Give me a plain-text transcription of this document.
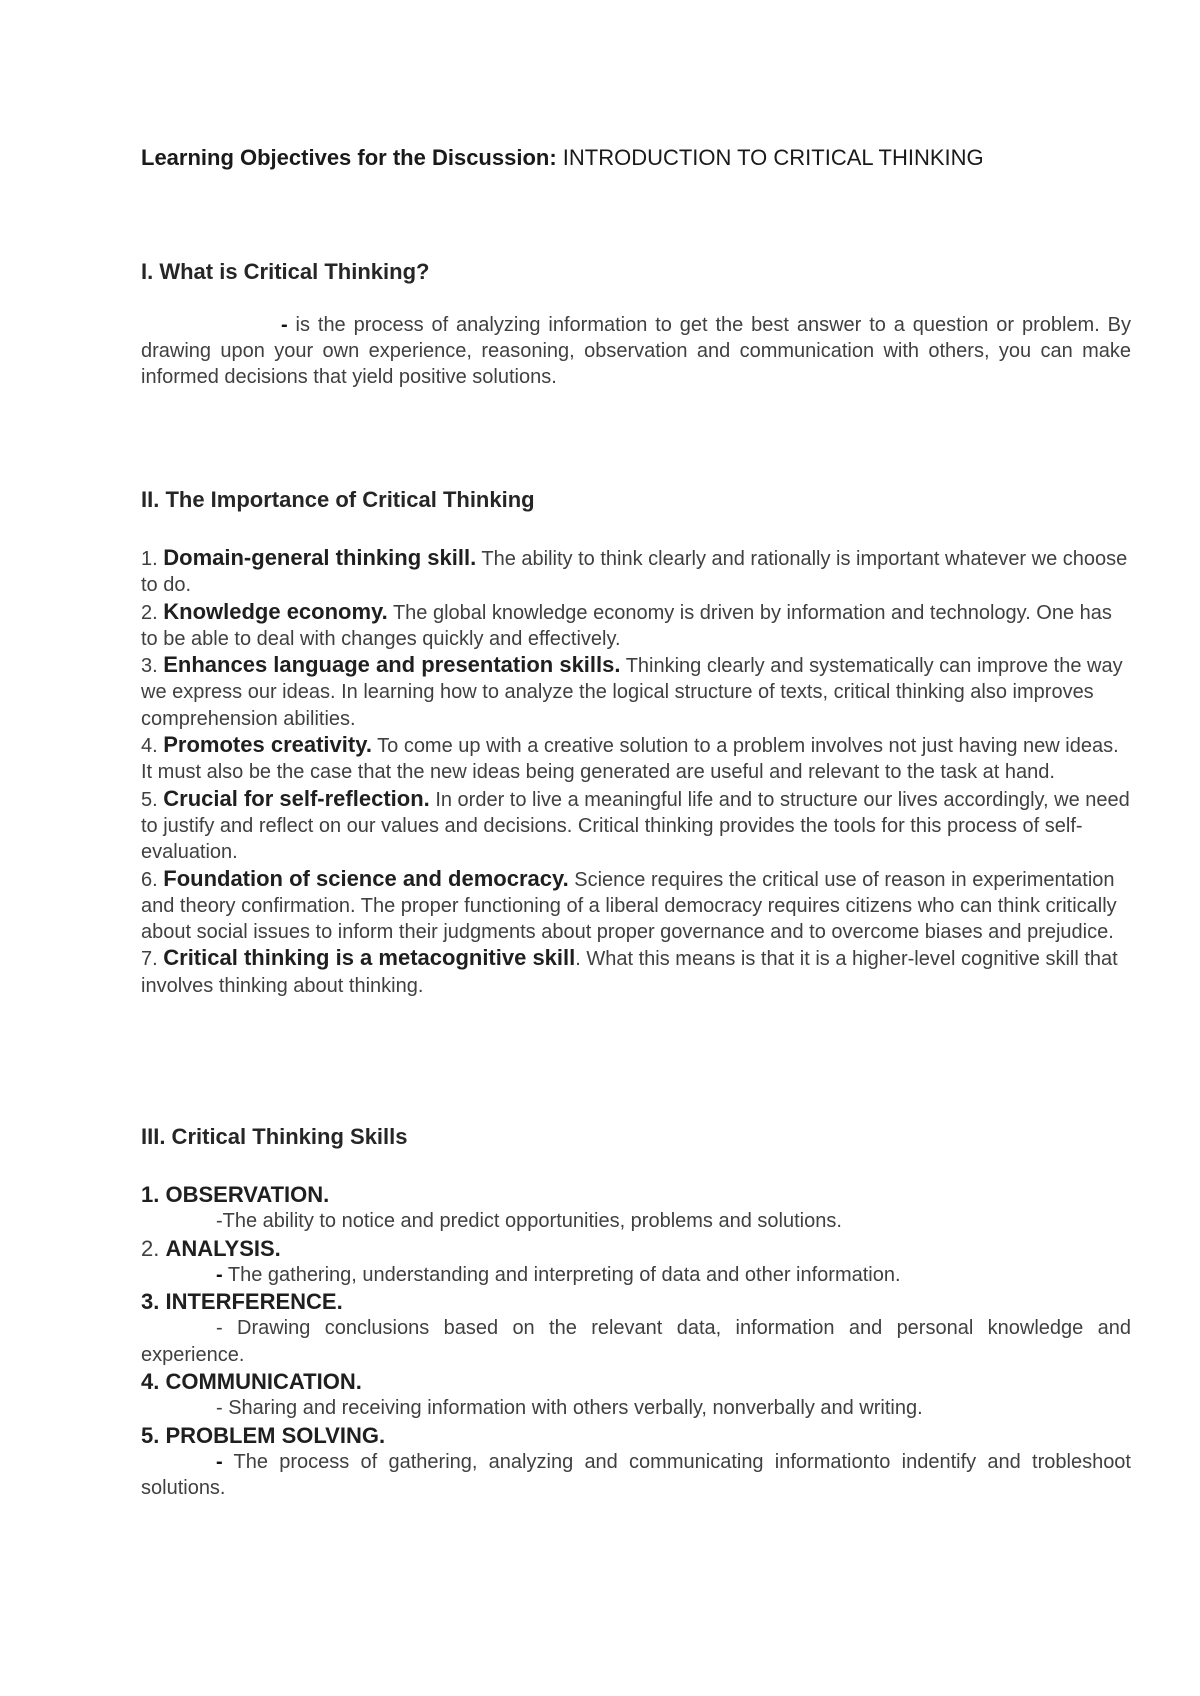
Learning Objectives for the Discussion: INTRODUCTION TO CRITICAL THINKING
I. What is Critical Thinking?

- is the process of analyzing information to get the best answer to a question or problem. By drawing upon your own experience, reasoning, observation and communication with others, you can make informed decisions that yield positive solutions.

II. The Importance of Critical Thinking
1. Domain-general thinking skill. The ability to think clearly and rationally is important whatever we choose to do.
2. Knowledge economy. The global knowledge economy is driven by information and technology. One has to be able to deal with changes quickly and effectively.
3. Enhances language and presentation skills. Thinking clearly and systematically can improve the way we express our ideas. In learning how to analyze the logical structure of texts, critical thinking also improves comprehension abilities.
4. Promotes creativity. To come up with a creative solution to a problem involves not just having new ideas. It must also be the case that the new ideas being generated are useful and relevant to the task at hand.
5. Crucial for self-reflection. In order to live a meaningful life and to structure our lives accordingly, we need to justify and reflect on our values and decisions. Critical thinking provides the tools for this process of self-evaluation.
6. Foundation of science and democracy. Science requires the critical use of reason in experimentation and theory confirmation. The proper functioning of a liberal democracy requires citizens who can think critically about social issues to inform their judgments about proper governance and to overcome biases and prejudice.
7. Critical thinking is a metacognitive skill. What this means is that it is a higher-level cognitive skill that involves thinking about thinking.
III. Critical Thinking Skills
1. OBSERVATION.
-The ability to notice and predict opportunities, problems and solutions.
2. ANALYSIS.
- The gathering, understanding and interpreting of data and other information.
3. INTERFERENCE.
- Drawing conclusions based on the relevant data, information and personal knowledge and experience.
4. COMMUNICATION.
- Sharing and receiving information with others verbally, nonverbally and writing.
5. PROBLEM SOLVING.
- The process of gathering, analyzing and communicating informationto indentify and trobleshoot solutions.
